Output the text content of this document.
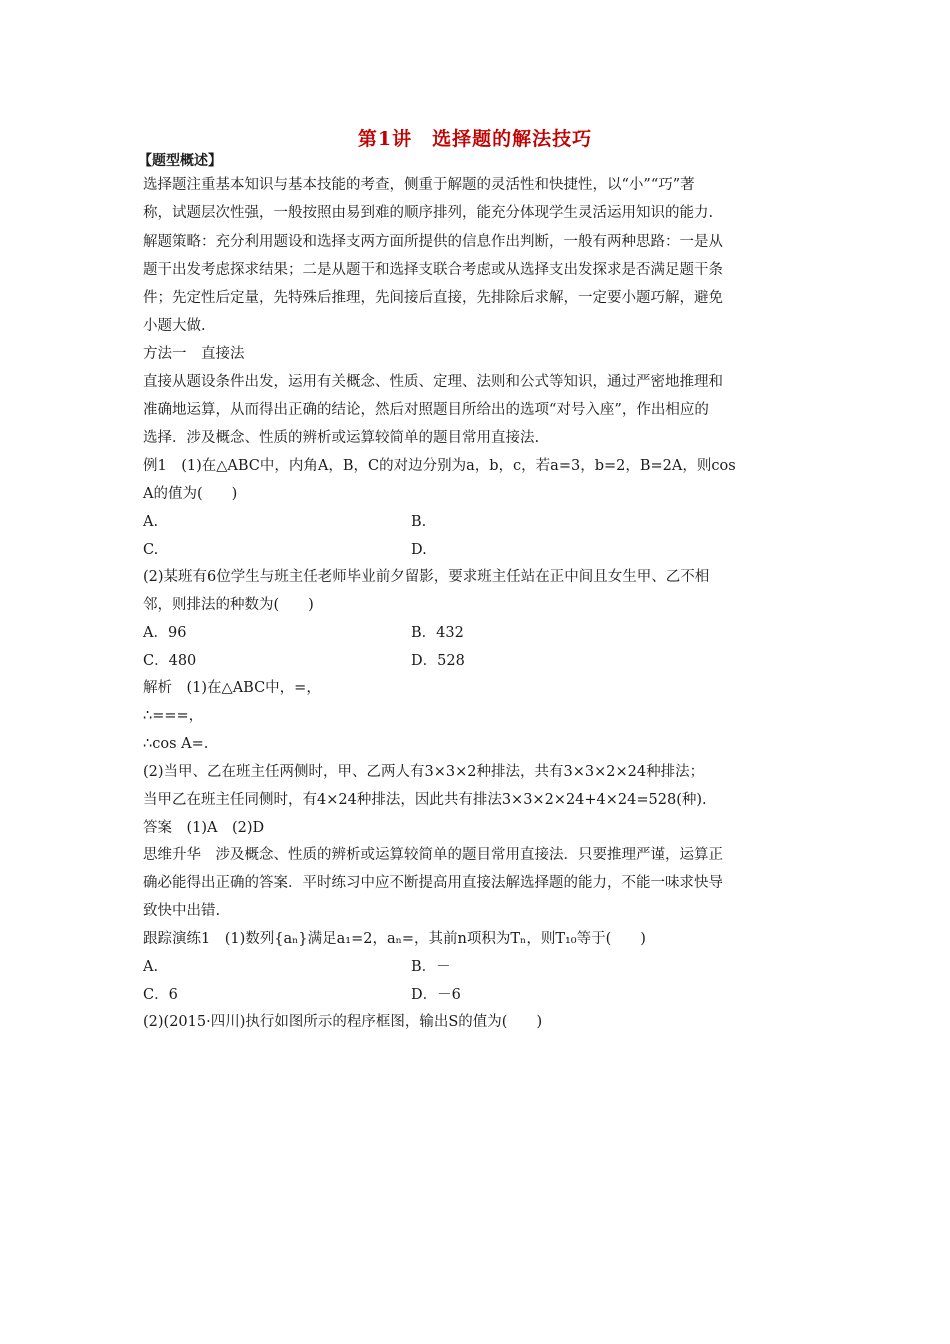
第1讲　选择题的解法技巧
【题型概述】
选择题注重基本知识与基本技能的考查，侧重于解题的灵活性和快捷性，以“小”“巧”著
称，试题层次性强，一般按照由易到难的顺序排列，能充分体现学生灵活运用知识的能力.
解题策略：充分利用题设和选择支两方面所提供的信息作出判断，一般有两种思路：一是从
题干出发考虑探求结果；二是从题干和选择支联合考虑或从选择支出发探求是否满足题干条
件；先定性后定量，先特殊后推理，先间接后直接，先排除后求解，一定要小题巧解，避免
小题大做.
方法一　直接法
直接从题设条件出发，运用有关概念、性质、定理、法则和公式等知识，通过严密地推理和
准确地运算，从而得出正确的结论，然后对照题目所给出的选项“对号入座”，作出相应的
选择．涉及概念、性质的辨析或运算较简单的题目常用直接法.
例1　(1)在△ABC中，内角A，B，C的对边分别为a，b，c，若a=3，b=2，B=2A，则cos
A的值为(　　)
A.	B.
C.	D.
(2)某班有6位学生与班主任老师毕业前夕留影，要求班主任站在正中间且女生甲、乙不相
邻，则排法的种数为(　　)
A．96	B．432
C．480	D．528
解析　(1)在△ABC中，=，
∴===，
∴cos A=.
(2)当甲、乙在班主任两侧时，甲、乙两人有3×3×2种排法，共有3×3×2×24种排法；
当甲乙在班主任同侧时，有4×24种排法，因此共有排法3×3×2×24+4×24=528(种).
答案　(1)A　(2)D
思维升华　涉及概念、性质的辨析或运算较简单的题目常用直接法．只要推理严谨，运算正
确必能得出正确的答案．平时练习中应不断提高用直接法解选择题的能力，不能一味求快导
致快中出错.
跟踪演练1　(1)数列{aₙ}满足a₁=2，aₙ=，其前n项积为Tₙ，则T₁₀等于(　　)
A.	B．－
C．6	D．－6
(2)(2015·四川)执行如图所示的程序框图，输出S的值为(　　)
